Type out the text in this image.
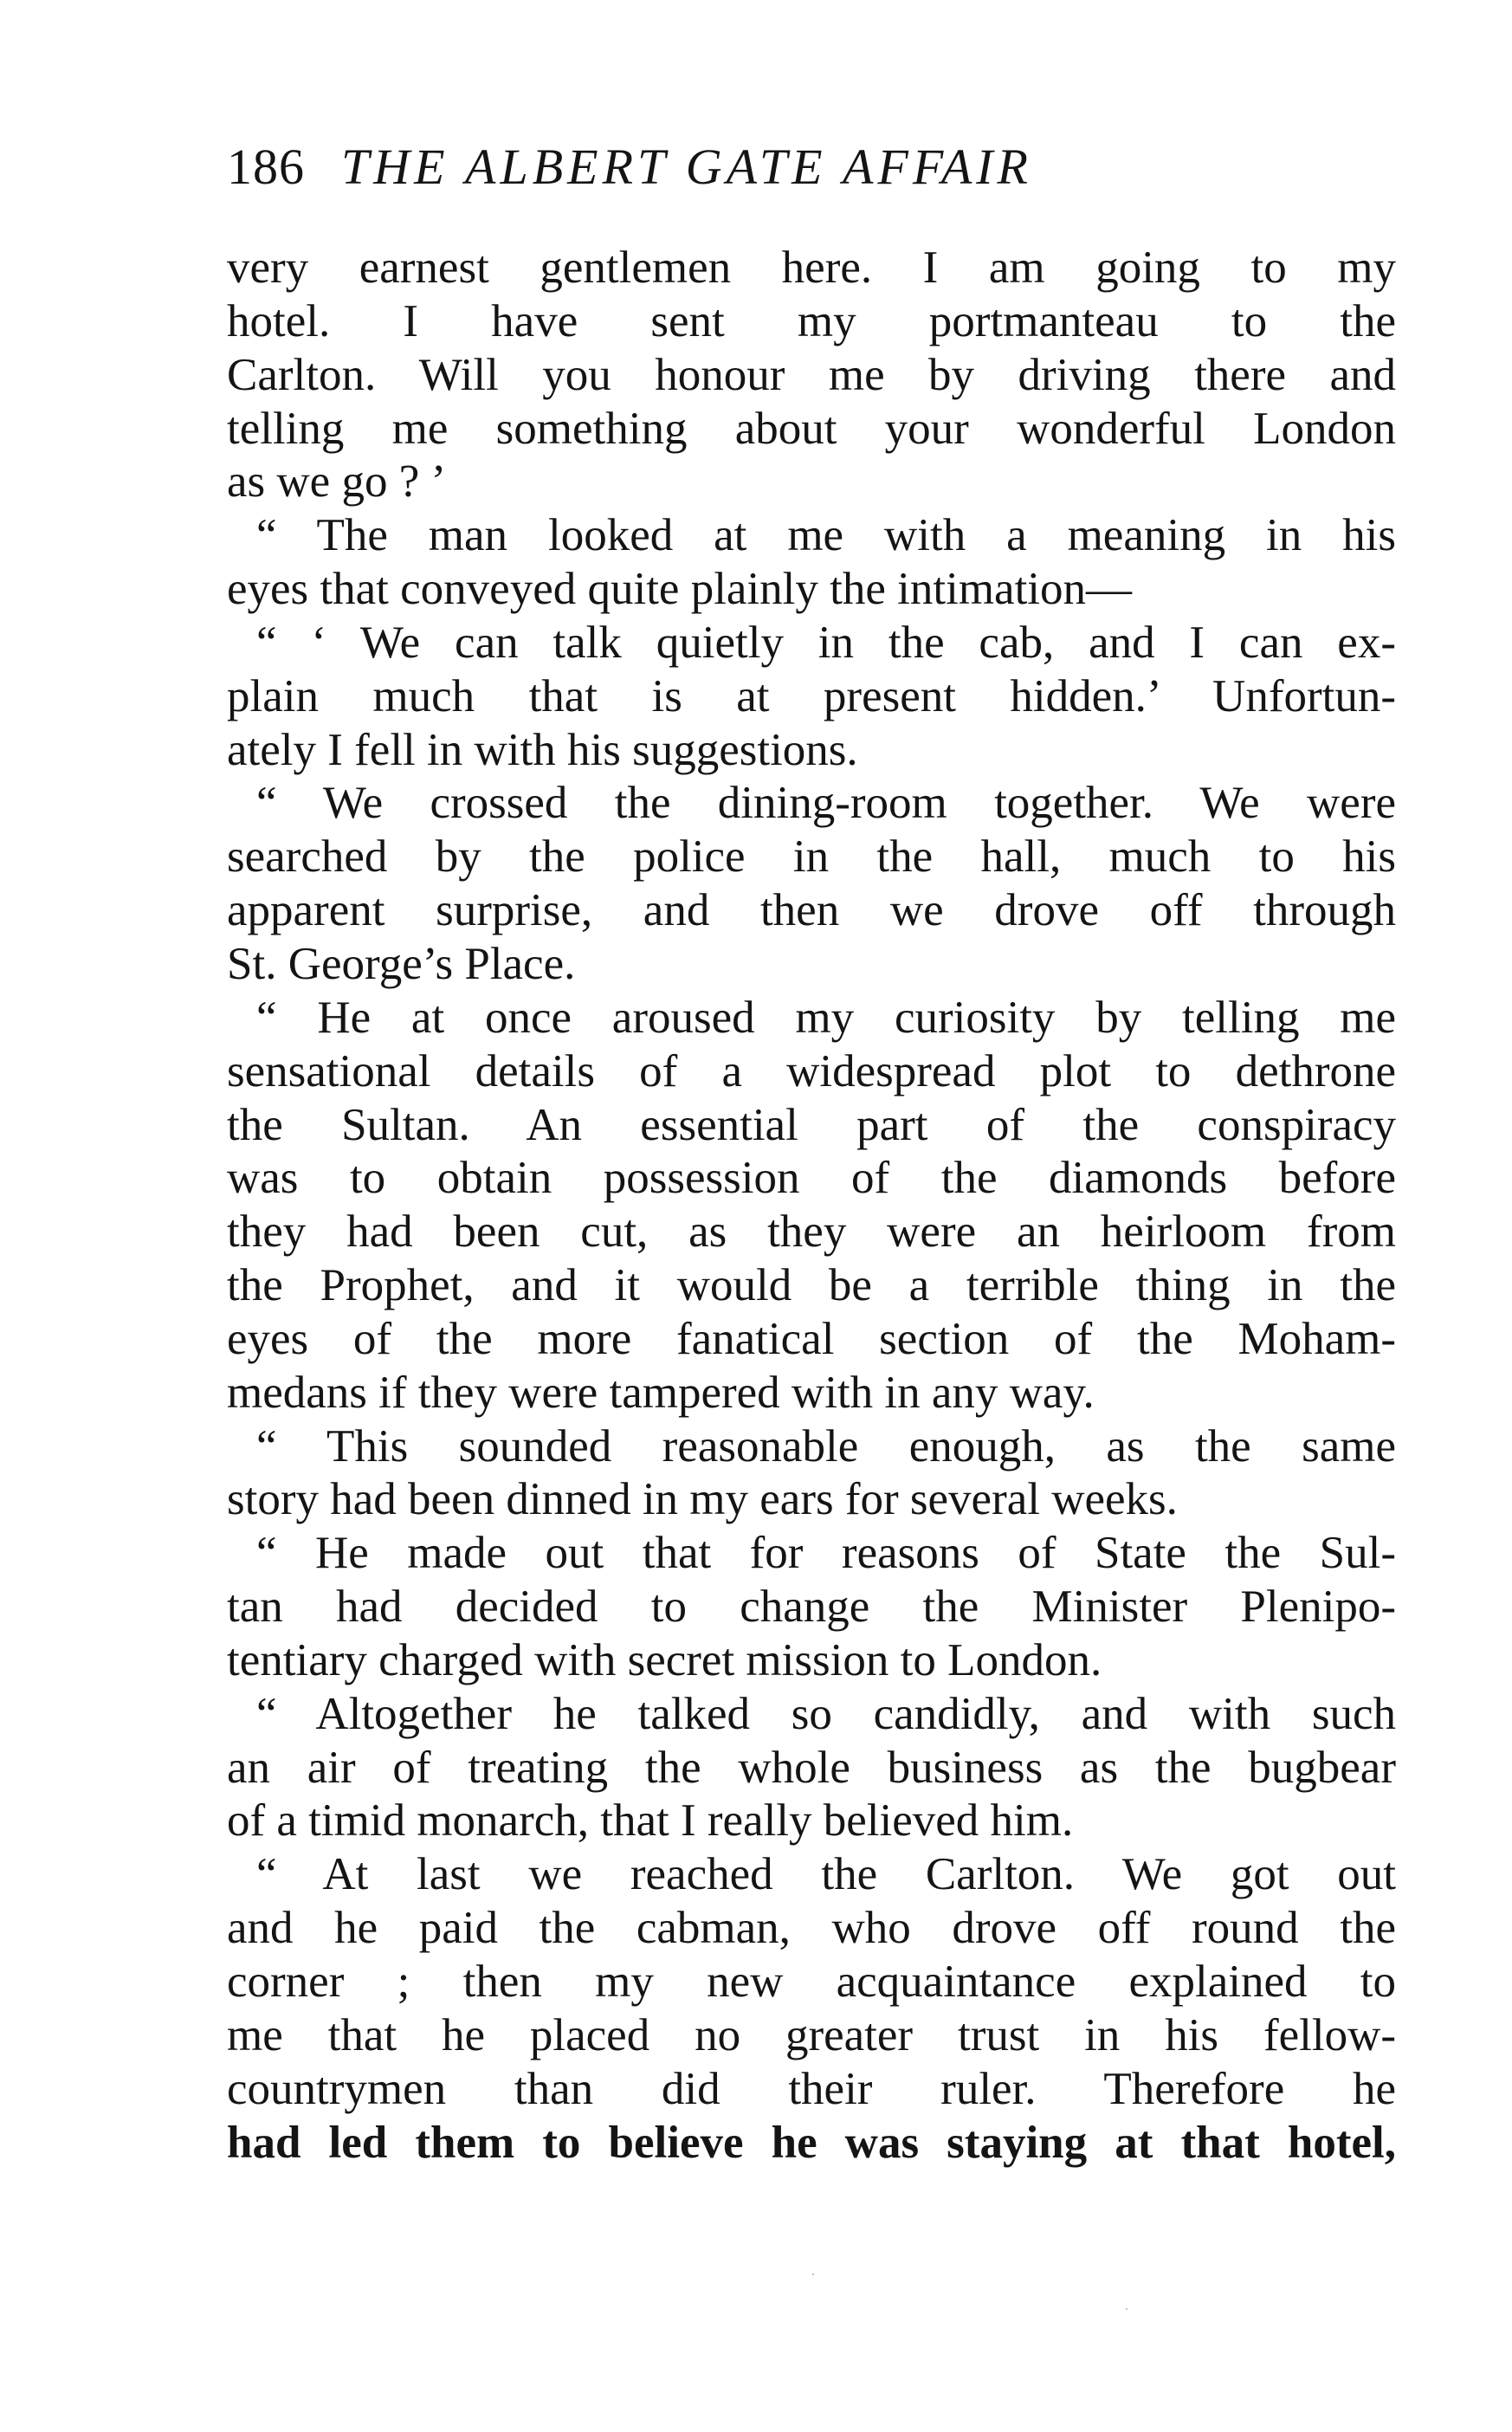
186 THE ALBERT GATE AFFAIR
very earnest gentlemen here. I am going to my
hotel. I have sent my portmanteau to the
Carlton. Will you honour me by driving there and
telling me something about your wonderful London
as we go ? ’
“ The man looked at me with a meaning in his
eyes that conveyed quite plainly the intimation—
“ ‘ We can talk quietly in the cab, and I can ex-
plain much that is at present hidden.’ Unfortun-
ately I fell in with his suggestions.
“ We crossed the dining-room together. We were
searched by the police in the hall, much to his
apparent surprise, and then we drove off through
St. George’s Place.
“ He at once aroused my curiosity by telling me
sensational details of a widespread plot to dethrone
the Sultan. An essential part of the conspiracy
was to obtain possession of the diamonds before
they had been cut, as they were an heirloom from
the Prophet, and it would be a terrible thing in the
eyes of the more fanatical section of the Moham-
medans if they were tampered with in any way.
“ This sounded reasonable enough, as the same
story had been dinned in my ears for several weeks.
“ He made out that for reasons of State the Sul-
tan had decided to change the Minister Plenipo-
tentiary charged with secret mission to London.
“ Altogether he talked so candidly, and with such
an air of treating the whole business as the bugbear
of a timid monarch, that I really believed him.
“ At last we reached the Carlton. We got out
and he paid the cabman, who drove off round the
corner ; then my new acquaintance explained to
me that he placed no greater trust in his fellow-
countrymen than did their ruler. Therefore he
had led them to believe he was staying at that hotel,
